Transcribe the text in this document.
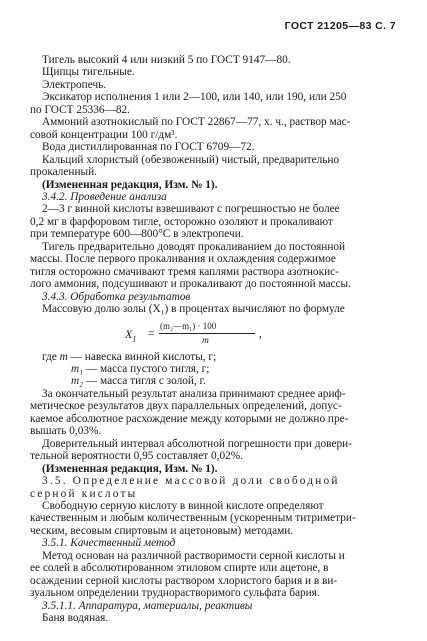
ГОСТ 21205—83 С. 7
Тигель высокий 4 или низкий 5 по ГОСТ 9147—80.
Щипцы тигельные.
Электропечь.
Эксикатор исполнения 1 или 2—100, или 140, или 190, или 250
по ГОСТ 25336—82.
Аммоний азотнокислый по ГОСТ 22867—77, х. ч., раствор мас-
совой концентрации 100 г/дм³.
Вода дистиллированная по ГОСТ 6709—72.
Кальций хлористый (обезвоженный) чистый, предварительно
прокаленный.
(Измененная редакция, Изм. № 1).
3.4.2. Проведение анализа
2—3 г винной кислоты взвешивают с погрешностью не более
0,2 мг в фарфоровом тигле, осторожно озоляют и прокаливают
при температуре 600—800°С в электропечи.
Тигель предварительно доводят прокаливанием до постоянной
массы. После первого прокаливания и охлаждения содержимое
тигля осторожно смачивают тремя каплями раствора азотнокис-
лого аммония, подсушивают и прокаливают до постоянной массы.
3.4.3. Обработка результатов
Массовую долю золы (X₁) в процентах вычисляют по формуле
$X_1$ =
(m₂—m₁) · 100
m
,
где m — навеска винной кислоты, г;
m₁ — масса пустого тигля, г;
m₂ — масса тигля с золой, г.
За окончательный результат анализа принимают среднее ариф-
метическое результатов двух параллельных определений, допус-
каемое абсолютное расхождение между которыми не должно пре-
вышать 0,03%.
Доверительный интервал абсолютной погрешности при довери-
тельной вероятности 0,95 составляет 0,02%.
(Измененная редакция, Изм. № 1).
3.5. Определение массовой доли свободной
серной кислоты
Свободную серную кислоту в винной кислоте определяют
качественным и любым количественным (ускоренным титриметри-
ческим, весовым спиртовым и ацетоновым) методами.
3.5.1. Качественный метод
Метод основан на различной растворимости серной кислоты и
ее солей в абсолютированном этиловом спирте или ацетоне, в
осаждении серной кислоты раствором хлористого бария и в ви-
зуальном определении труднорастворимого сульфата бария.
3.5.1.1. Аппаратура, материалы, реактивы
Баня водяная.
